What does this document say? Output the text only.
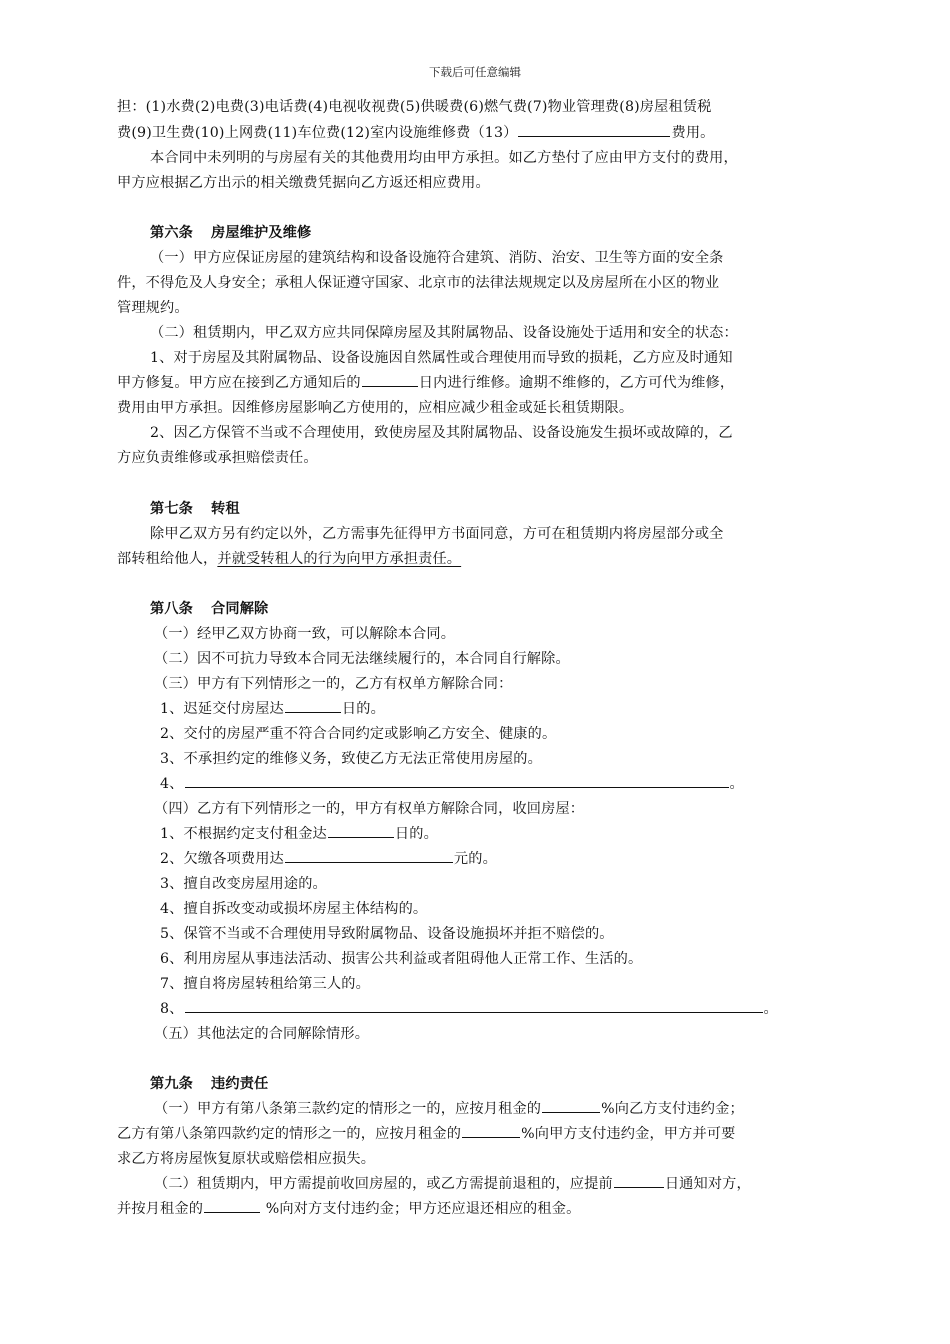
下载后可任意编辑
担：(1)水费(2)电费(3)电话费(4)电视收视费(5)供暖费(6)燃气费(7)物业管理费(8)房屋租赁税
费(9)卫生费(10)上网费(11)车位费(12)室内设施维修费（13）	费用。
本合同中未列明的与房屋有关的其他费用均由甲方承担。如乙方垫付了应由甲方支付的费用，
甲方应根据乙方出示的相关缴费凭据向乙方返还相应费用。
第六条 房屋维护及维修
（一）甲方应保证房屋的建筑结构和设备设施符合建筑、消防、治安、卫生等方面的安全条
件，不得危及人身安全；承租人保证遵守国家、北京市的法律法规规定以及房屋所在小区的物业
管理规约。
（二）租赁期内，甲乙双方应共同保障房屋及其附属物品、设备设施处于适用和安全的状态：
1、对于房屋及其附属物品、设备设施因自然属性或合理使用而导致的损耗，乙方应及时通知
甲方修复。甲方应在接到乙方通知后的	日内进行维修。逾期不维修的，乙方可代为维修，
费用由甲方承担。因维修房屋影响乙方使用的，应相应减少租金或延长租赁期限。
2、因乙方保管不当或不合理使用，致使房屋及其附属物品、设备设施发生损坏或故障的，乙
方应负责维修或承担赔偿责任。
第七条 转租
除甲乙双方另有约定以外，乙方需事先征得甲方书面同意，方可在租赁期内将房屋部分或全
部转租给他人，并就受转租人的行为向甲方承担责任。
第八条 合同解除
（一）经甲乙双方协商一致，可以解除本合同。
（二）因不可抗力导致本合同无法继续履行的，本合同自行解除。
（三）甲方有下列情形之一的，乙方有权单方解除合同：
1、迟延交付房屋达	日的。
2、交付的房屋严重不符合合同约定或影响乙方安全、健康的。
3、不承担约定的维修义务，致使乙方无法正常使用房屋的。
4、	。
（四）乙方有下列情形之一的，甲方有权单方解除合同，收回房屋：
1、不根据约定支付租金达	日的。
2、欠缴各项费用达	元的。
3、擅自改变房屋用途的。
4、擅自拆改变动或损坏房屋主体结构的。
5、保管不当或不合理使用导致附属物品、设备设施损坏并拒不赔偿的。
6、利用房屋从事违法活动、损害公共利益或者阻碍他人正常工作、生活的。
7、擅自将房屋转租给第三人的。
8、	。
（五）其他法定的合同解除情形。
第九条 违约责任
（一）甲方有第八条第三款约定的情形之一的，应按月租金的	%向乙方支付违约金；
乙方有第八条第四款约定的情形之一的，应按月租金的	%向甲方支付违约金，甲方并可要
求乙方将房屋恢复原状或赔偿相应损失。
（二）租赁期内，甲方需提前收回房屋的，或乙方需提前退租的，应提前	日通知对方，
并按月租金的	%向对方支付违约金；甲方还应退还相应的租金。
